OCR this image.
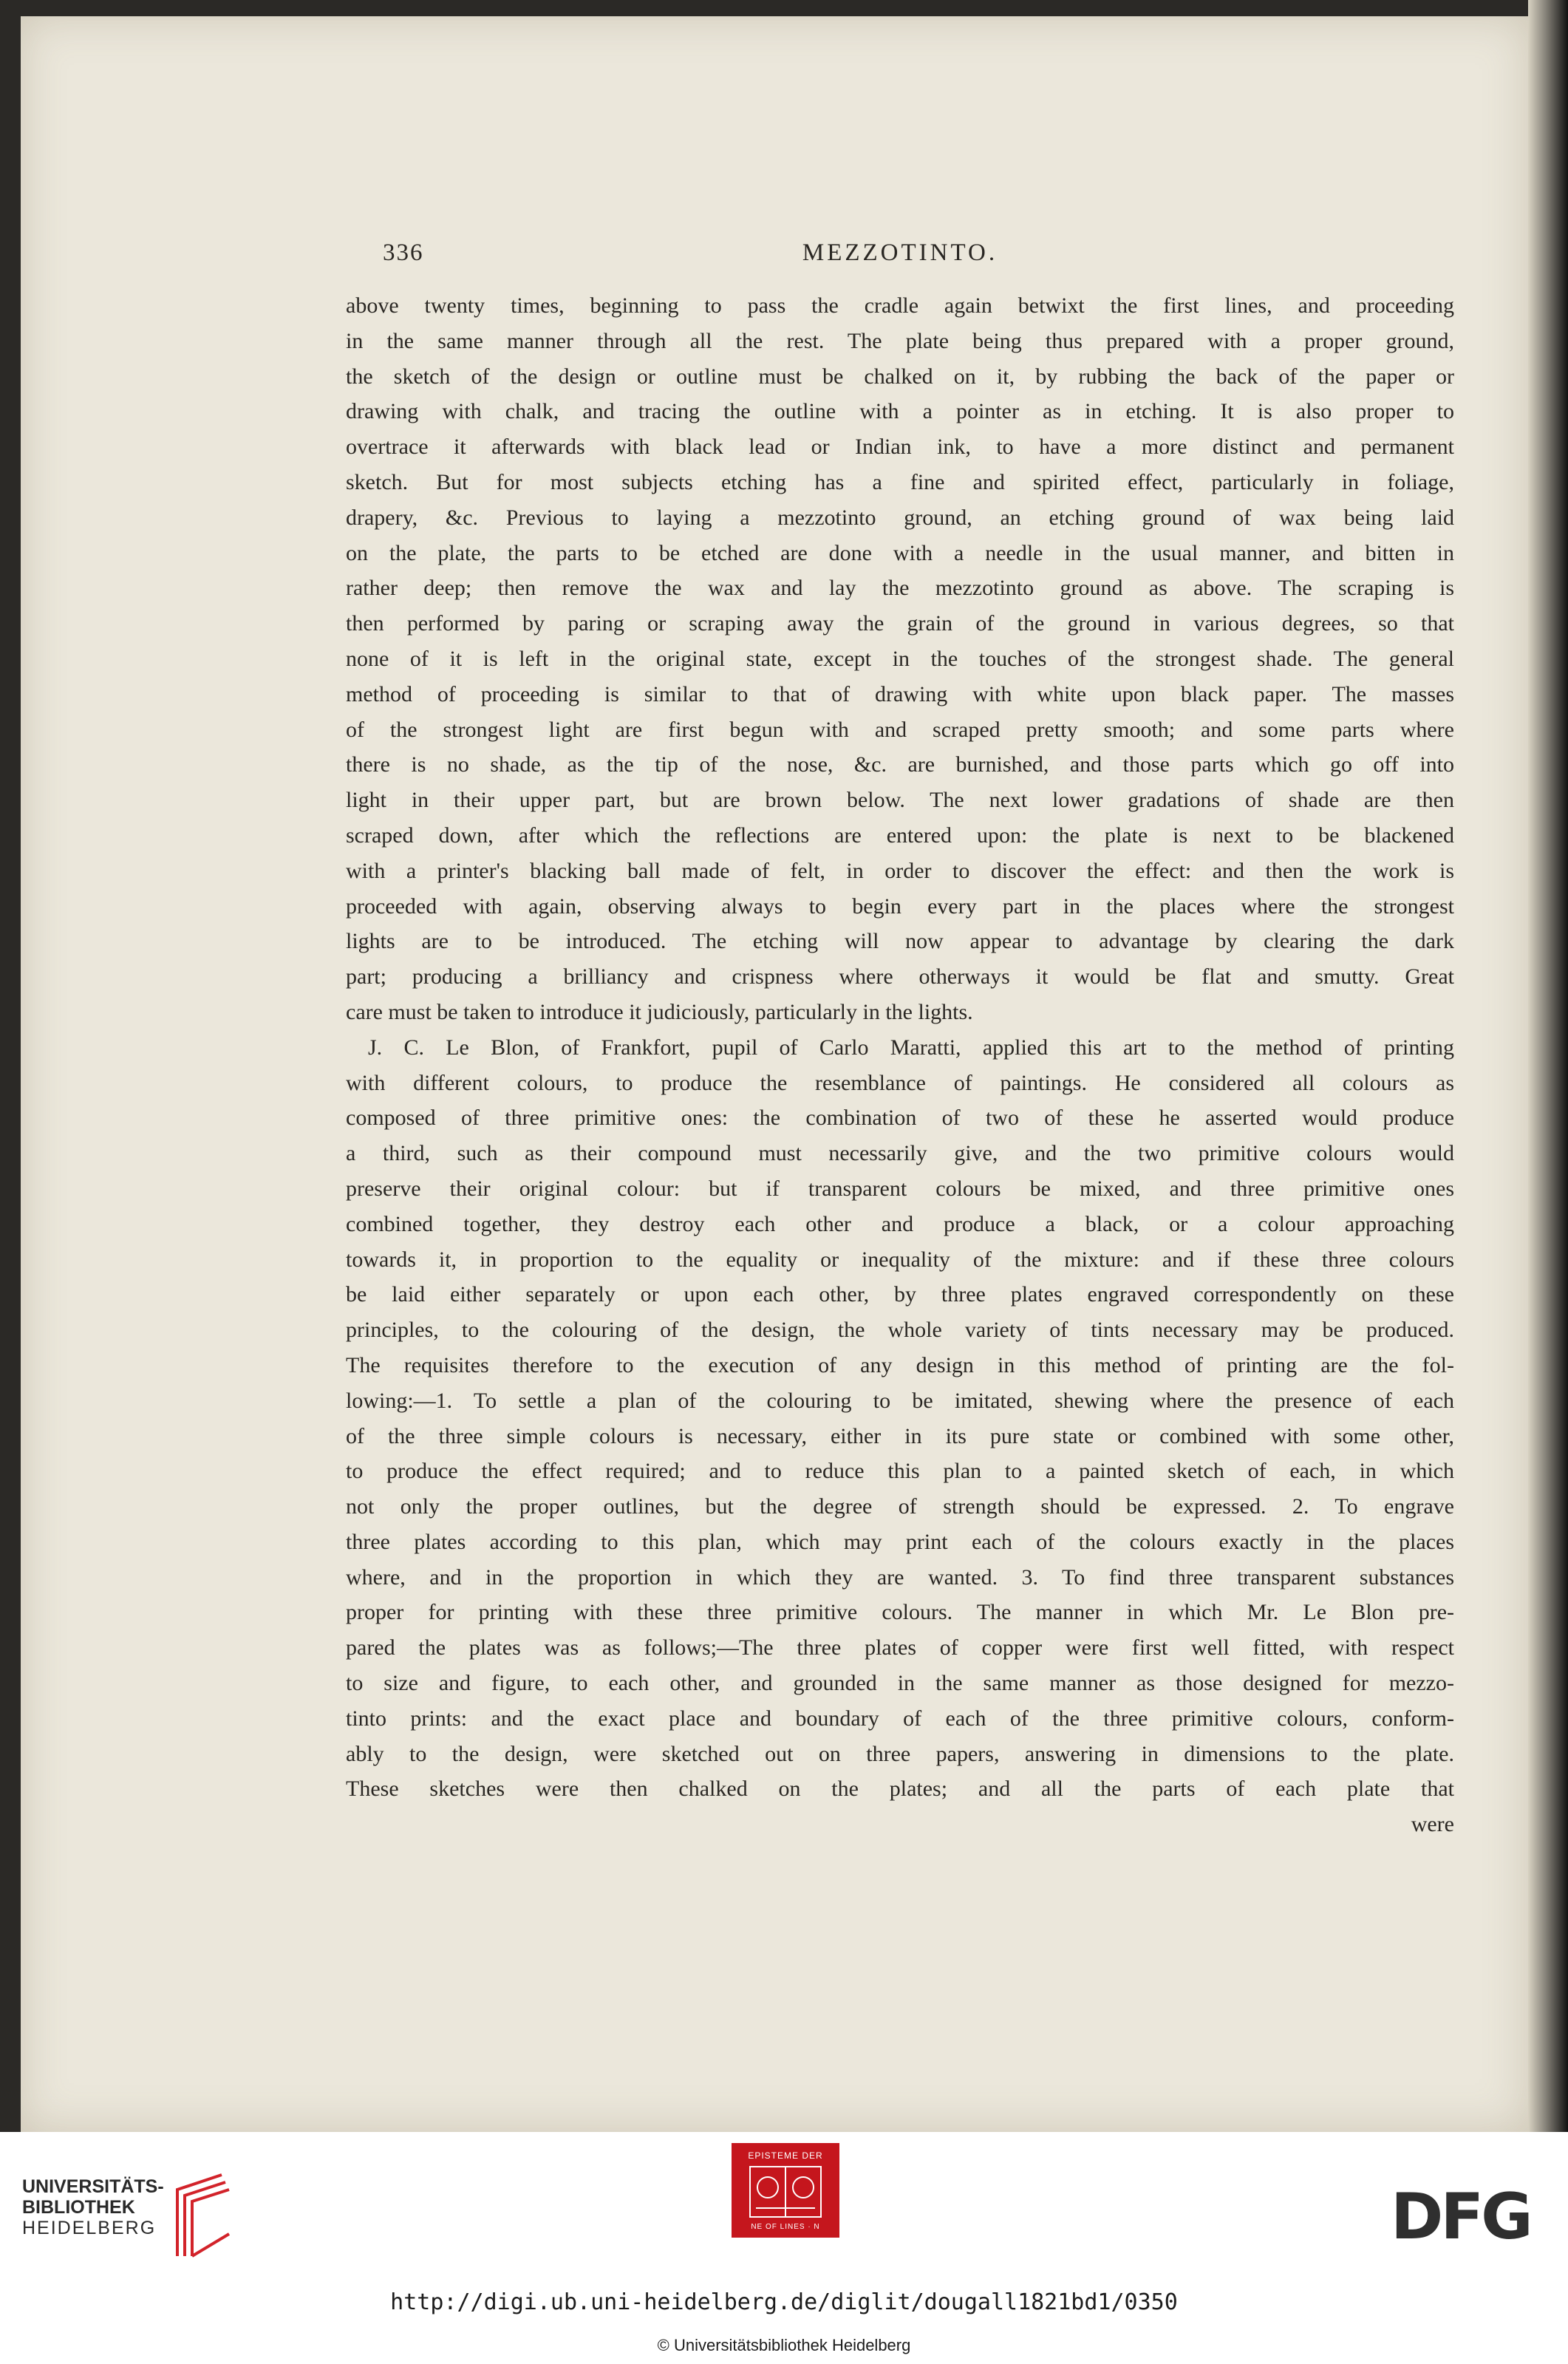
336	MEZZOTINTO.
above twenty times, beginning to pass the cradle again betwixt the first lines, and proceeding
in the same manner through all the rest. The plate being thus prepared with a proper ground,
the sketch of the design or outline must be chalked on it, by rubbing the back of the paper or
drawing with chalk, and tracing the outline with a pointer as in etching. It is also proper to
overtrace it afterwards with black lead or Indian ink, to have a more distinct and permanent
sketch. But for most subjects etching has a fine and spirited effect, particularly in foliage,
drapery, &c. Previous to laying a mezzotinto ground, an etching ground of wax being laid
on the plate, the parts to be etched are done with a needle in the usual manner, and bitten in
rather deep; then remove the wax and lay the mezzotinto ground as above. The scraping is
then performed by paring or scraping away the grain of the ground in various degrees, so that
none of it is left in the original state, except in the touches of the strongest shade. The general
method of proceeding is similar to that of drawing with white upon black paper. The masses
of the strongest light are first begun with and scraped pretty smooth; and some parts where
there is no shade, as the tip of the nose, &c. are burnished, and those parts which go off into
light in their upper part, but are brown below. The next lower gradations of shade are then
scraped down, after which the reflections are entered upon: the plate is next to be blackened
with a printer's blacking ball made of felt, in order to discover the effect: and then the work is
proceeded with again, observing always to begin every part in the places where the strongest
lights are to be introduced. The etching will now appear to advantage by clearing the dark
part; producing a brilliancy and crispness where otherways it would be flat and smutty. Great
care must be taken to introduce it judiciously, particularly in the lights.
J. C. Le Blon, of Frankfort, pupil of Carlo Maratti, applied this art to the method of printing
with different colours, to produce the resemblance of paintings. He considered all colours as
composed of three primitive ones: the combination of two of these he asserted would produce
a third, such as their compound must necessarily give, and the two primitive colours would
preserve their original colour: but if transparent colours be mixed, and three primitive ones
combined together, they destroy each other and produce a black, or a colour approaching
towards it, in proportion to the equality or inequality of the mixture: and if these three colours
be laid either separately or upon each other, by three plates engraved correspondently on these
principles, to the colouring of the design, the whole variety of tints necessary may be produced.
The requisites therefore to the execution of any design in this method of printing are the fol-
lowing:—1. To settle a plan of the colouring to be imitated, shewing where the presence of each
of the three simple colours is necessary, either in its pure state or combined with some other,
to produce the effect required; and to reduce this plan to a painted sketch of each, in which
not only the proper outlines, but the degree of strength should be expressed. 2. To engrave
three plates according to this plan, which may print each of the colours exactly in the places
where, and in the proportion in which they are wanted. 3. To find three transparent substances
proper for printing with these three primitive colours. The manner in which Mr. Le Blon pre-
pared the plates was as follows;—The three plates of copper were first well fitted, with respect
to size and figure, to each other, and grounded in the same manner as those designed for mezzo-
tinto prints: and the exact place and boundary of each of the three primitive colours, conform-
ably to the design, were sketched out on three papers, answering in dimensions to the plate.
These sketches were then chalked on the plates; and all the parts of each plate that
were
UNIVERSITÄTS-
BIBLIOTHEK
HEIDELBERG
EPISTEME DER
NE OF LINES · N	DFG
http://digi.ub.uni-heidelberg.de/diglit/dougall1821bd1/0350
© Universitätsbibliothek Heidelberg
